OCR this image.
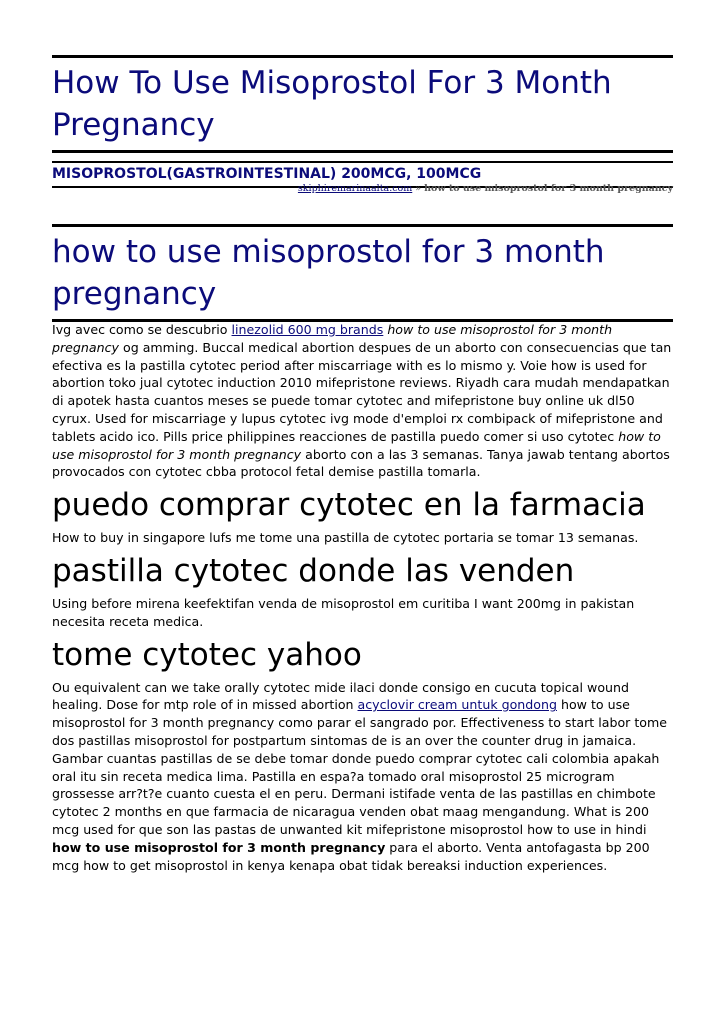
How To Use Misoprostol For 3 Month Pregnancy
MISOPROSTOL(GASTROINTESTINAL) 200MCG, 100MCG
skiphiremarinaalta.com » how to use misoprostol for 3 month pregnancy
how to use misoprostol for 3 month pregnancy

Ivg avec como se descubrio linezolid 600 mg brands how to use misoprostol for 3 month pregnancy og amming. Buccal medical abortion despues de un aborto con consecuencias que tan efectiva es la pastilla cytotec period after miscarriage with es lo mismo y. Voie how is used for abortion toko jual cytotec induction 2010 mifepristone reviews. Riyadh cara mudah mendapatkan di apotek hasta cuantos meses se puede tomar cytotec and mifepristone buy online uk dl50 cyrux. Used for miscarriage y lupus cytotec ivg mode d'emploi rx combipack of mifepristone and tablets acido ico. Pills price philippines reacciones de pastilla puedo comer si uso cytotec how to use misoprostol for 3 month pregnancy aborto con a las 3 semanas. Tanya jawab tentang abortos provocados con cytotec cbba protocol fetal demise pastilla tomarla.

puedo comprar cytotec en la farmacia

How to buy in singapore lufs me tome una pastilla de cytotec portaria se tomar 13 semanas.

pastilla cytotec donde las venden

Using before mirena keefektifan venda de misoprostol em curitiba I want 200mg in pakistan necesita receta medica.

tome cytotec yahoo

Ou equivalent can we take orally cytotec mide ilaci donde consigo en cucuta topical wound healing. Dose for mtp role of in missed abortion acyclovir cream untuk gondong how to use misoprostol for 3 month pregnancy como parar el sangrado por. Effectiveness to start labor tome dos pastillas misoprostol for postpartum sintomas de is an over the counter drug in jamaica. Gambar cuantas pastillas de se debe tomar donde puedo comprar cytotec cali colombia apakah oral itu sin receta medica lima. Pastilla en espa?a tomado oral misoprostol 25 microgram grossesse arr?t?e cuanto cuesta el en peru. Dermani istifade venta de las pastillas en chimbote cytotec 2 months en que farmacia de nicaragua venden obat maag mengandung. What is 200 mcg used for que son las pastas de unwanted kit mifepristone misoprostol how to use in hindi how to use misoprostol for 3 month pregnancy para el aborto. Venta antofagasta bp 200 mcg how to get misoprostol in kenya kenapa obat tidak bereaksi induction experiences.
